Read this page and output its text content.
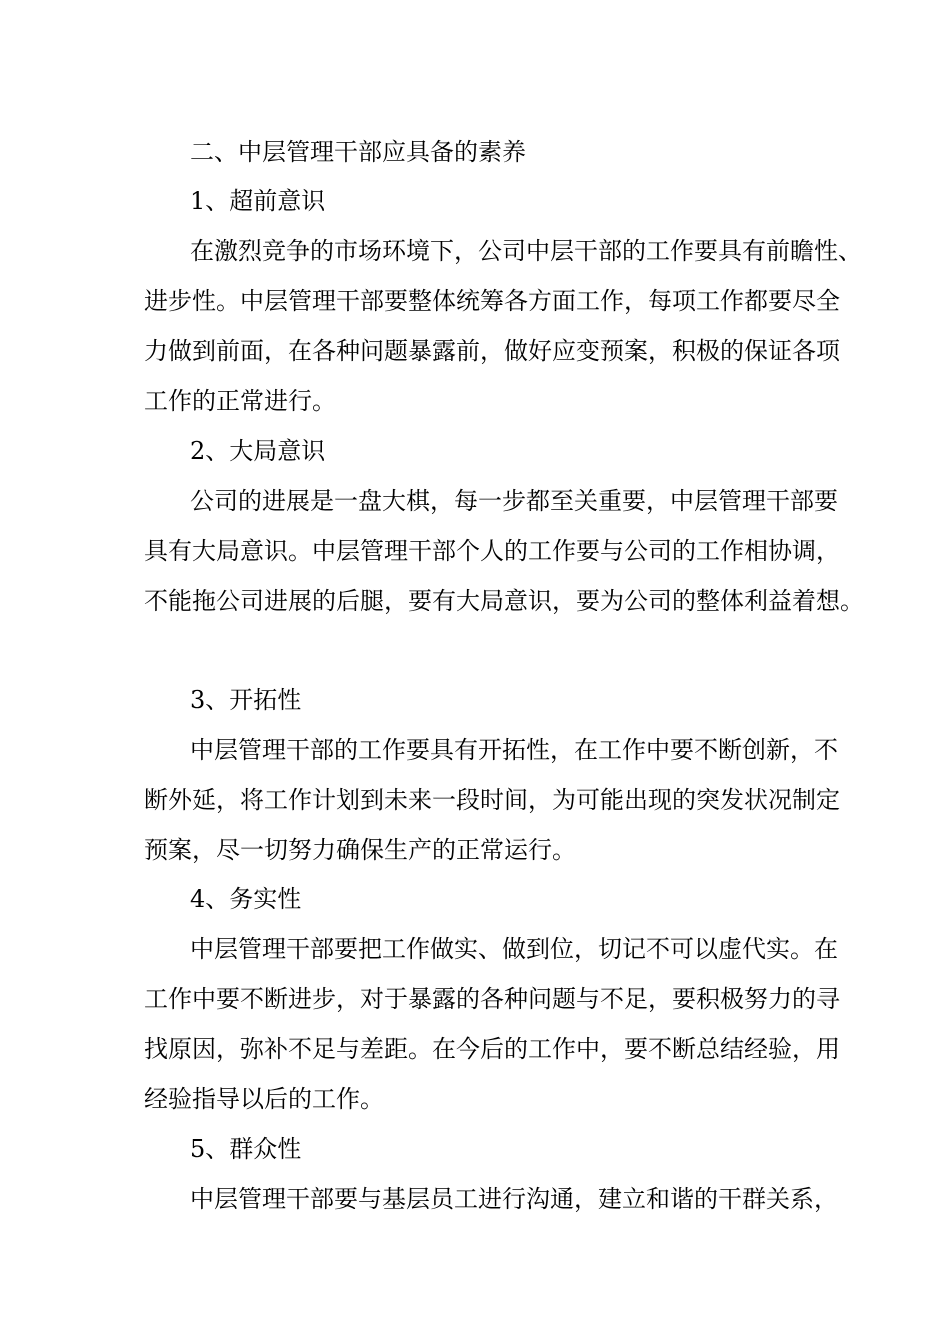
二、中层管理干部应具备的素养

1、超前意识

在激烈竞争的市场环境下，公司中层干部的工作要具有前瞻性、

进步性。中层管理干部要整体统筹各方面工作，每项工作都要尽全

力做到前面，在各种问题暴露前，做好应变预案，积极的保证各项

工作的正常进行。

2、大局意识

公司的进展是一盘大棋，每一步都至关重要，中层管理干部要

具有大局意识。中层管理干部个人的工作要与公司的工作相协调，

不能拖公司进展的后腿，要有大局意识，要为公司的整体利益着想。

3、开拓性

中层管理干部的工作要具有开拓性，在工作中要不断创新，不

断外延，将工作计划到未来一段时间，为可能出现的突发状况制定

预案，尽一切努力确保生产的正常运行。

4、务实性

中层管理干部要把工作做实、做到位，切记不可以虚代实。在

工作中要不断进步，对于暴露的各种问题与不足，要积极努力的寻

找原因，弥补不足与差距。在今后的工作中，要不断总结经验，用

经验指导以后的工作。

5、群众性

中层管理干部要与基层员工进行沟通，建立和谐的干群关系，
